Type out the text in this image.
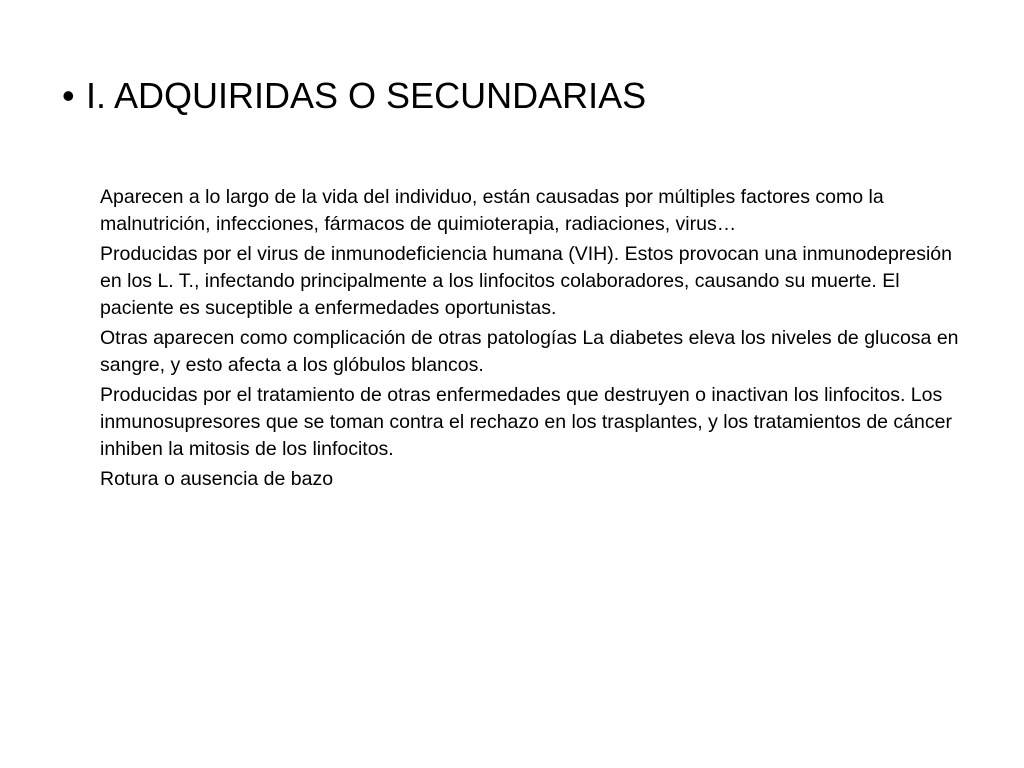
• I. ADQUIRIDAS O SECUNDARIAS

Aparecen a lo largo de la vida del individuo, están causadas por múltiples factores como la malnutrición, infecciones, fármacos de quimioterapia, radiaciones, virus…

Producidas por el virus de inmunodeficiencia humana (VIH). Estos provocan una inmunodepresión en los L. T., infectando principalmente a los linfocitos colaboradores, causando su muerte. El paciente es suceptible a enfermedades oportunistas.

Otras aparecen como complicación de otras patologías La diabetes eleva los niveles de glucosa en sangre, y esto afecta a los glóbulos blancos.

Producidas por el tratamiento de otras enfermedades que destruyen o inactivan los linfocitos. Los inmunosupresores que se toman contra el rechazo en los trasplantes, y los tratamientos de cáncer inhiben la mitosis de los linfocitos.

Rotura o ausencia de bazo
